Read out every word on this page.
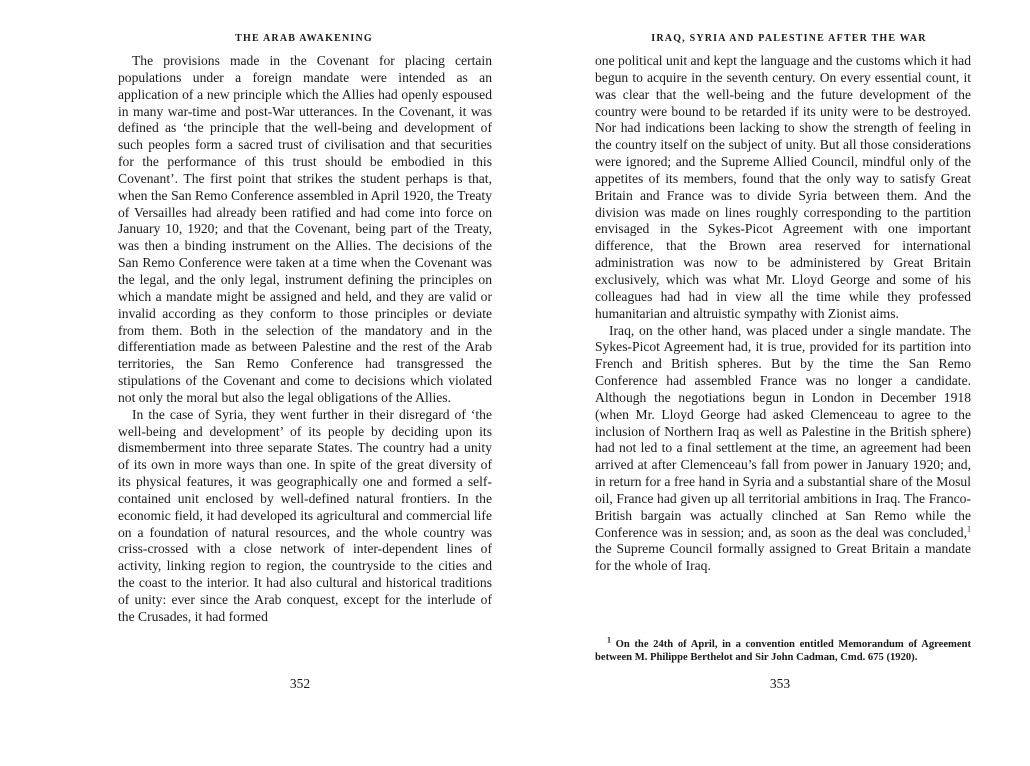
THE ARAB AWAKENING

The provisions made in the Covenant for placing certain populations under a foreign mandate were intended as an application of a new principle which the Allies had openly espoused in many war-time and post-War utterances. In the Covenant, it was defined as ‘the principle that the well-being and development of such peoples form a sacred trust of civilisation and that securities for the performance of this trust should be embodied in this Covenant’. The first point that strikes the student perhaps is that, when the San Remo Conference assembled in April 1920, the Treaty of Versailles had already been ratified and had come into force on January 10, 1920; and that the Covenant, being part of the Treaty, was then a binding instrument on the Allies. The decisions of the San Remo Conference were taken at a time when the Covenant was the legal, and the only legal, instrument defining the principles on which a mandate might be assigned and held, and they are valid or invalid according as they conform to those principles or deviate from them. Both in the selection of the mandatory and in the differentiation made as between Palestine and the rest of the Arab territories, the San Remo Conference had transgressed the stipulations of the Covenant and come to decisions which violated not only the moral but also the legal obligations of the Allies.

In the case of Syria, they went further in their disregard of ‘the well-being and development’ of its people by deciding upon its dismemberment into three separate States. The country had a unity of its own in more ways than one. In spite of the great diversity of its physical features, it was geographically one and formed a self-contained unit enclosed by well-defined natural frontiers. In the economic field, it had developed its agricultural and commercial life on a foundation of natural resources, and the whole country was criss-crossed with a close network of inter-dependent lines of activity, linking region to region, the countryside to the cities and the coast to the interior. It had also cultural and historical traditions of unity: ever since the Arab conquest, except for the interlude of the Crusades, it had formed

352
IRAQ, SYRIA AND PALESTINE AFTER THE WAR

one political unit and kept the language and the customs which it had begun to acquire in the seventh century. On every essential count, it was clear that the well-being and the future development of the country were bound to be retarded if its unity were to be destroyed. Nor had indications been lacking to show the strength of feeling in the country itself on the subject of unity. But all those considerations were ignored; and the Supreme Allied Council, mindful only of the appetites of its members, found that the only way to satisfy Great Britain and France was to divide Syria between them. And the division was made on lines roughly corresponding to the partition envisaged in the Sykes-Picot Agreement with one important difference, that the Brown area reserved for international administration was now to be administered by Great Britain exclusively, which was what Mr. Lloyd George and some of his colleagues had had in view all the time while they professed humanitarian and altruistic sympathy with Zionist aims.

Iraq, on the other hand, was placed under a single mandate. The Sykes-Picot Agreement had, it is true, provided for its partition into French and British spheres. But by the time the San Remo Conference had assembled France was no longer a candidate. Although the negotiations begun in London in December 1918 (when Mr. Lloyd George had asked Clemenceau to agree to the inclusion of Northern Iraq as well as Palestine in the British sphere) had not led to a final settlement at the time, an agreement had been arrived at after Clemenceau’s fall from power in January 1920; and, in return for a free hand in Syria and a substantial share of the Mosul oil, France had given up all territorial ambitions in Iraq. The Franco-British bargain was actually clinched at San Remo while the Conference was in session; and, as soon as the deal was concluded,$^1$ the Supreme Council formally assigned to Great Britain a mandate for the whole of Iraq.

$^1$ On the 24th of April, in a convention entitled Memorandum of Agreement between M. Philippe Berthelot and Sir John Cadman, Cmd. 675 (1920).
353
